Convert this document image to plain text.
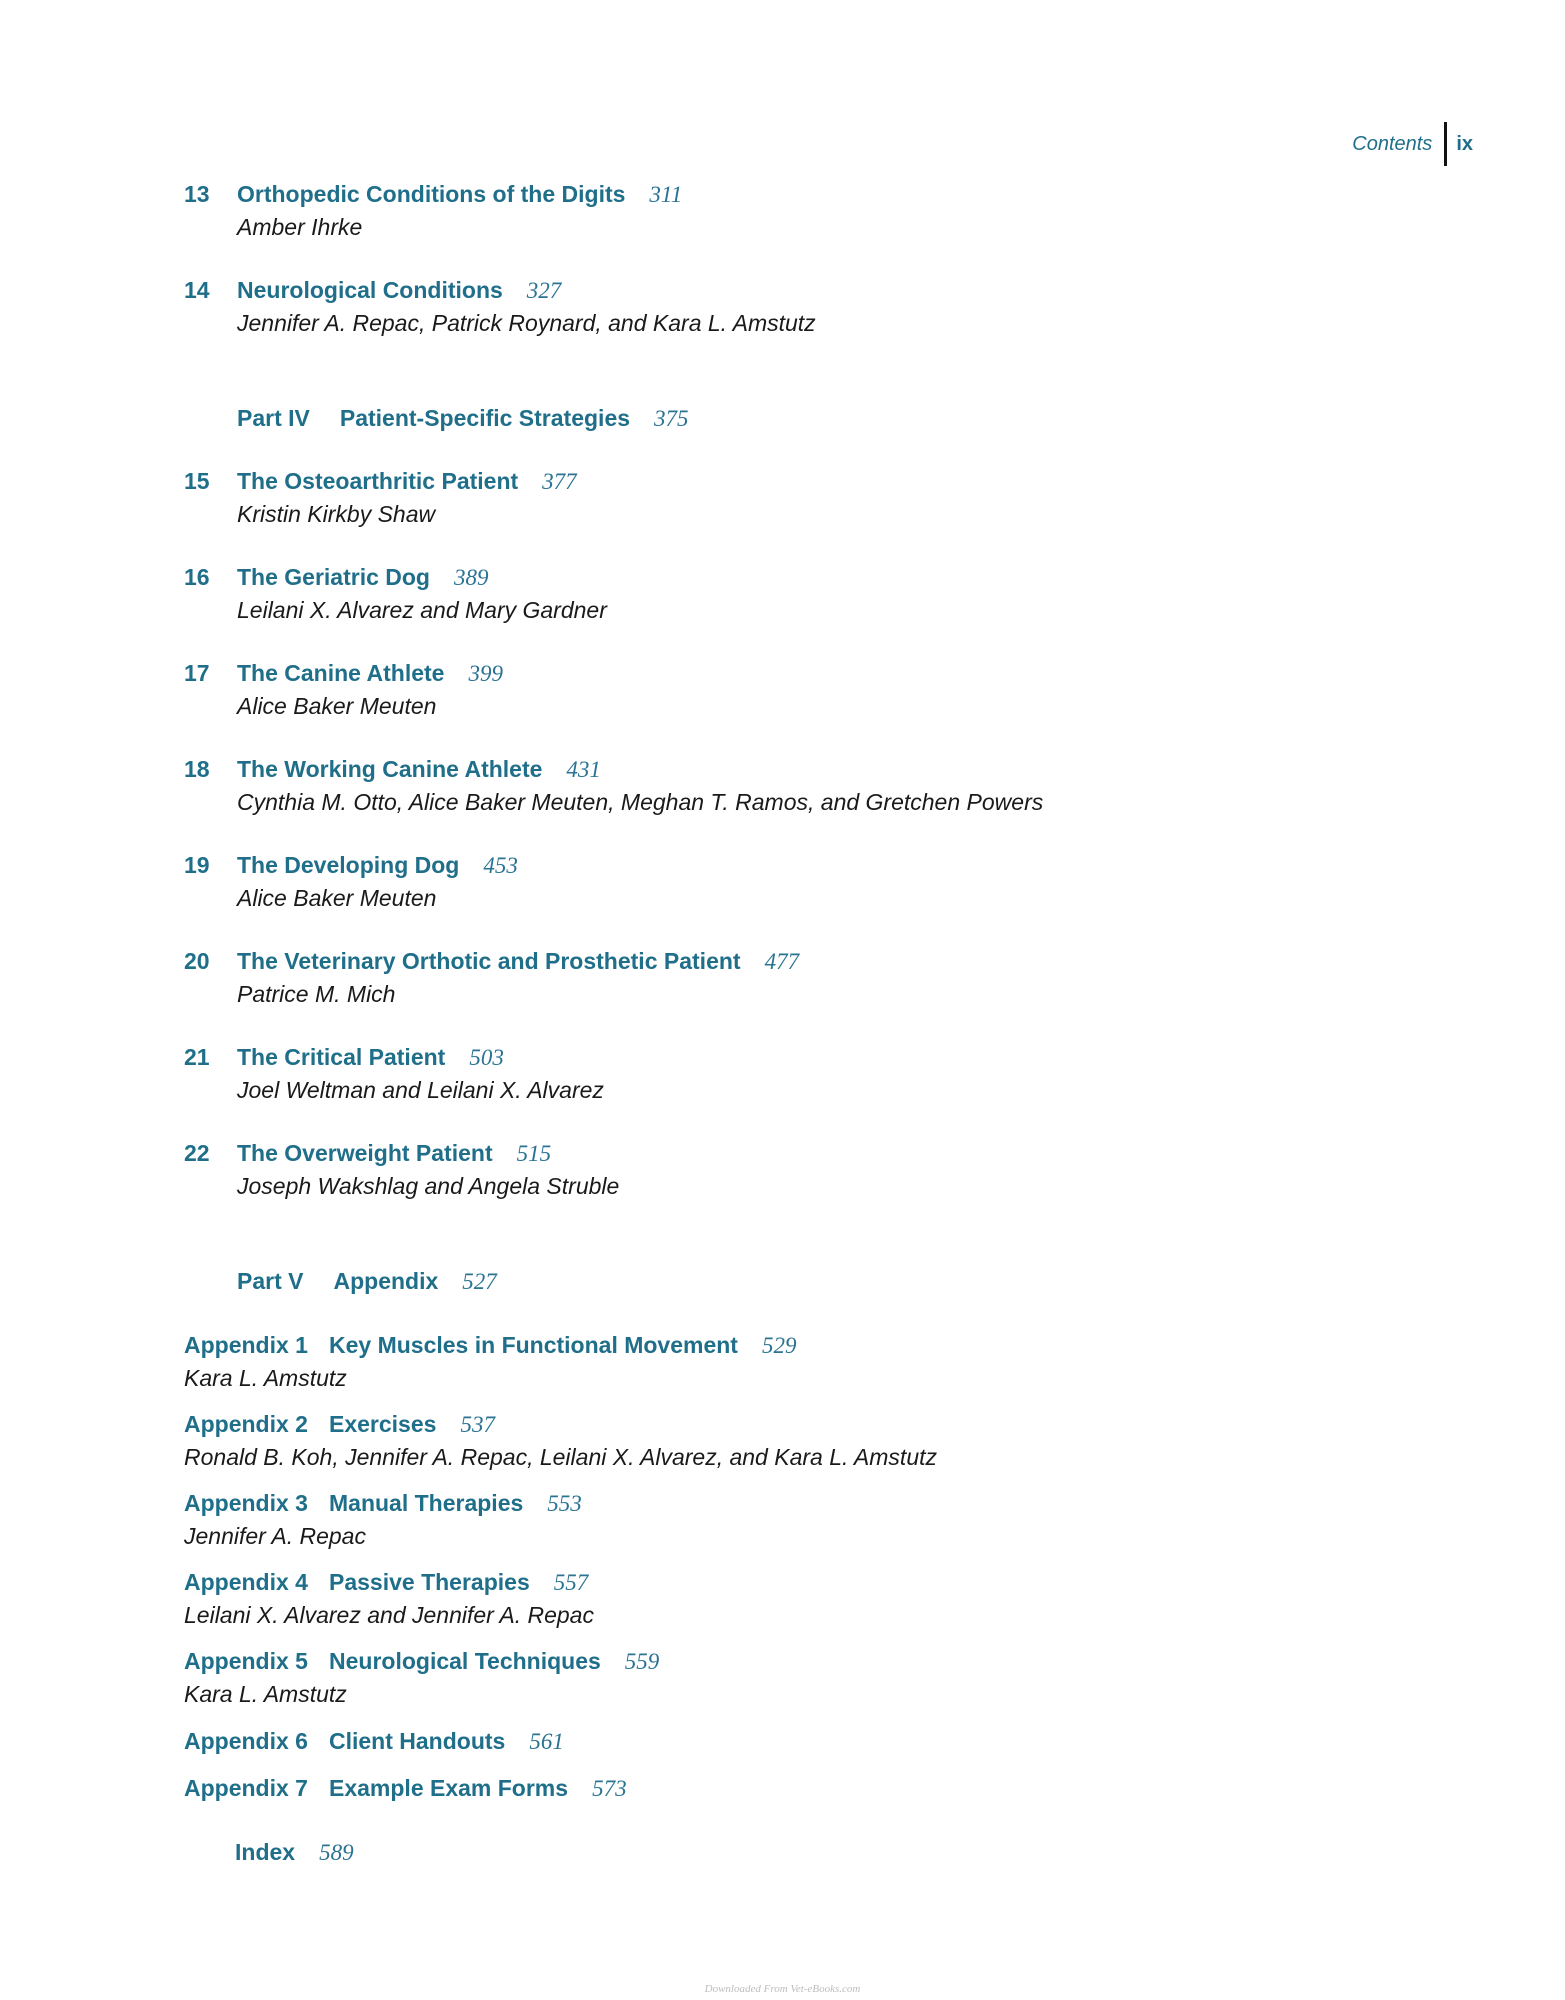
Contents ix
13	Orthopedic Conditions of the Digits 311
Amber Ihrke
14	Neurological Conditions 327
Jennifer A. Repac, Patrick Roynard, and Kara L. Amstutz
Part IV Patient-Specific Strategies 375
15	The Osteoarthritic Patient 377
Kristin Kirkby Shaw
16	The Geriatric Dog 389
Leilani X. Alvarez and Mary Gardner
17	The Canine Athlete 399
Alice Baker Meuten
18	The Working Canine Athlete 431
Cynthia M. Otto, Alice Baker Meuten, Meghan T. Ramos, and Gretchen Powers
19	The Developing Dog 453
Alice Baker Meuten
20	The Veterinary Orthotic and Prosthetic Patient 477
Patrice M. Mich
21	The Critical Patient 503
Joel Weltman and Leilani X. Alvarez
22	The Overweight Patient 515
Joseph Wakshlag and Angela Struble
Part V Appendix 527
Appendix 1 Key Muscles in Functional Movement 529
Kara L. Amstutz
Appendix 2 Exercises 537
Ronald B. Koh, Jennifer A. Repac, Leilani X. Alvarez, and Kara L. Amstutz
Appendix 3 Manual Therapies 553
Jennifer A. Repac
Appendix 4 Passive Therapies 557
Leilani X. Alvarez and Jennifer A. Repac
Appendix 5 Neurological Techniques 559
Kara L. Amstutz
Appendix 6 Client Handouts 561
Appendix 7 Example Exam Forms 573
Index 589
Downloaded From Vet-eBooks.com
